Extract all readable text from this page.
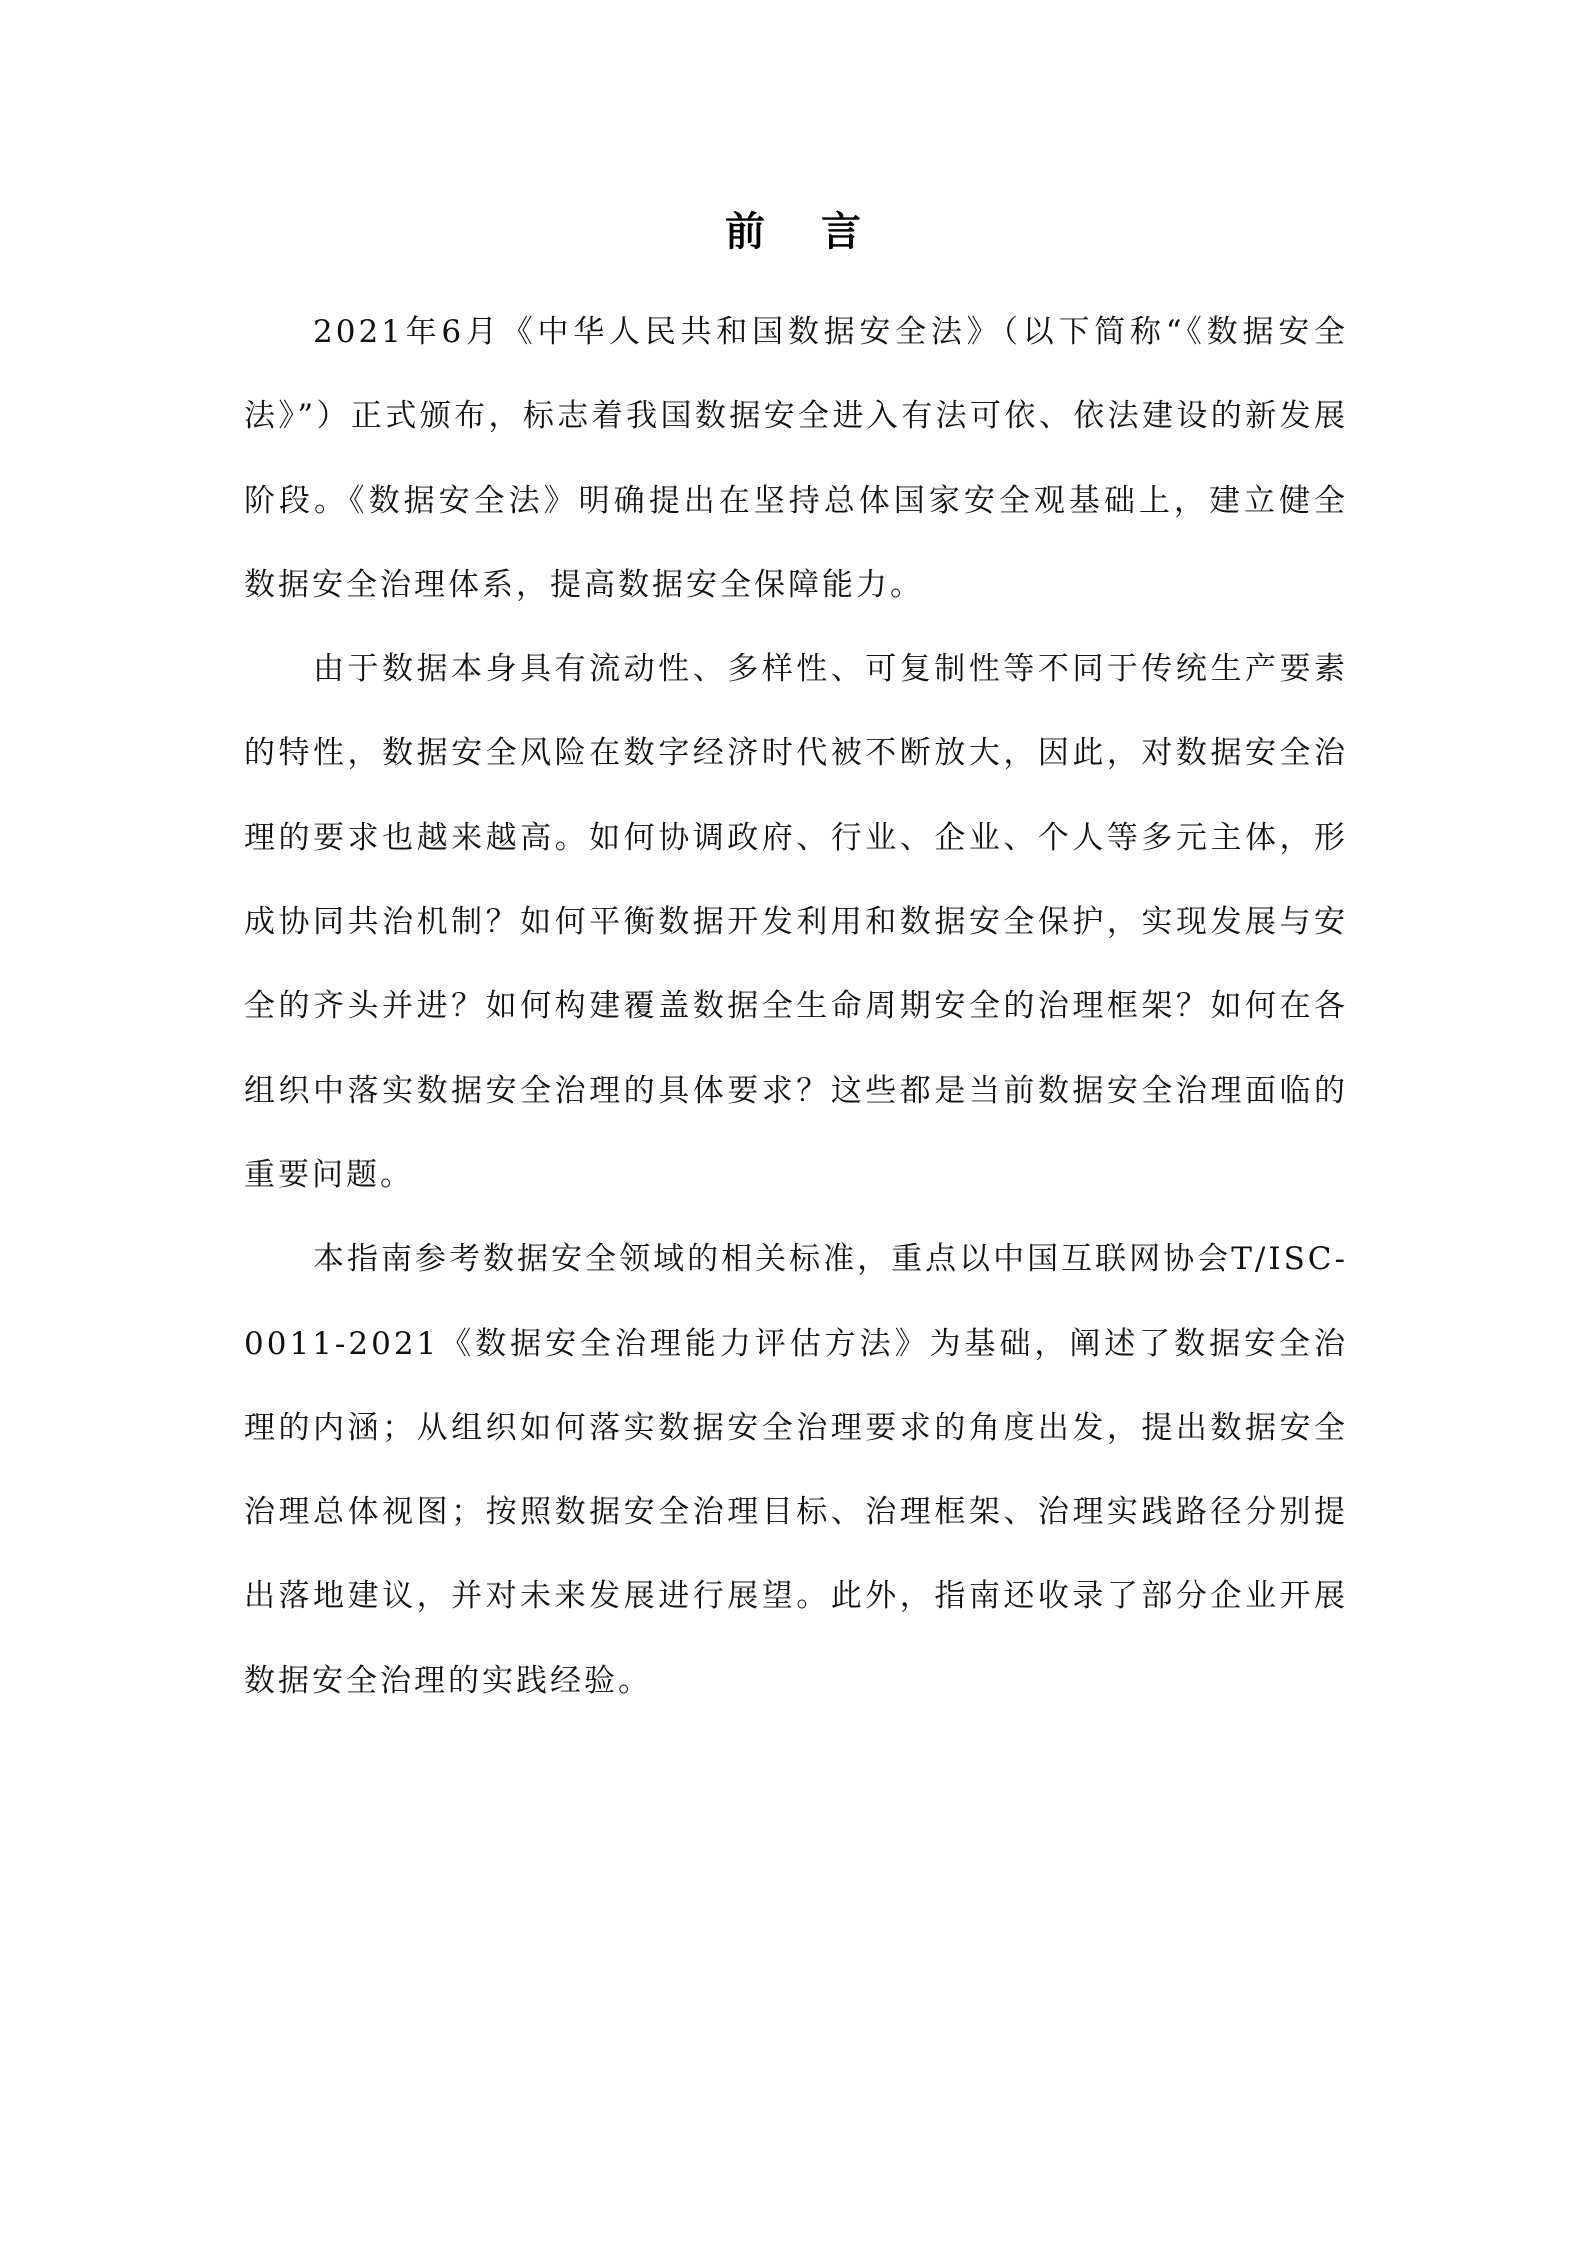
前 言

2021年6月《中华人民共和国数据安全法》（以下简称“《数据安全法》”）正式颁布，标志着我国数据安全进入有法可依、依法建设的新发展阶段。《数据安全法》明确提出在坚持总体国家安全观基础上，建立健全数据安全治理体系，提高数据安全保障能力。

由于数据本身具有流动性、多样性、可复制性等不同于传统生产要素的特性，数据安全风险在数字经济时代被不断放大，因此，对数据安全治理的要求也越来越高。如何协调政府、行业、企业、个人等多元主体，形成协同共治机制？如何平衡数据开发利用和数据安全保护，实现发展与安全的齐头并进？如何构建覆盖数据全生命周期安全的治理框架？如何在各组织中落实数据安全治理的具体要求？这些都是当前数据安全治理面临的重要问题。

本指南参考数据安全领域的相关标准，重点以中国互联网协会T/ISC-0011-2021《数据安全治理能力评估方法》为基础，阐述了数据安全治理的内涵；从组织如何落实数据安全治理要求的角度出发，提出数据安全治理总体视图；按照数据安全治理目标、治理框架、治理实践路径分别提出落地建议，并对未来发展进行展望。此外，指南还收录了部分企业开展数据安全治理的实践经验。
